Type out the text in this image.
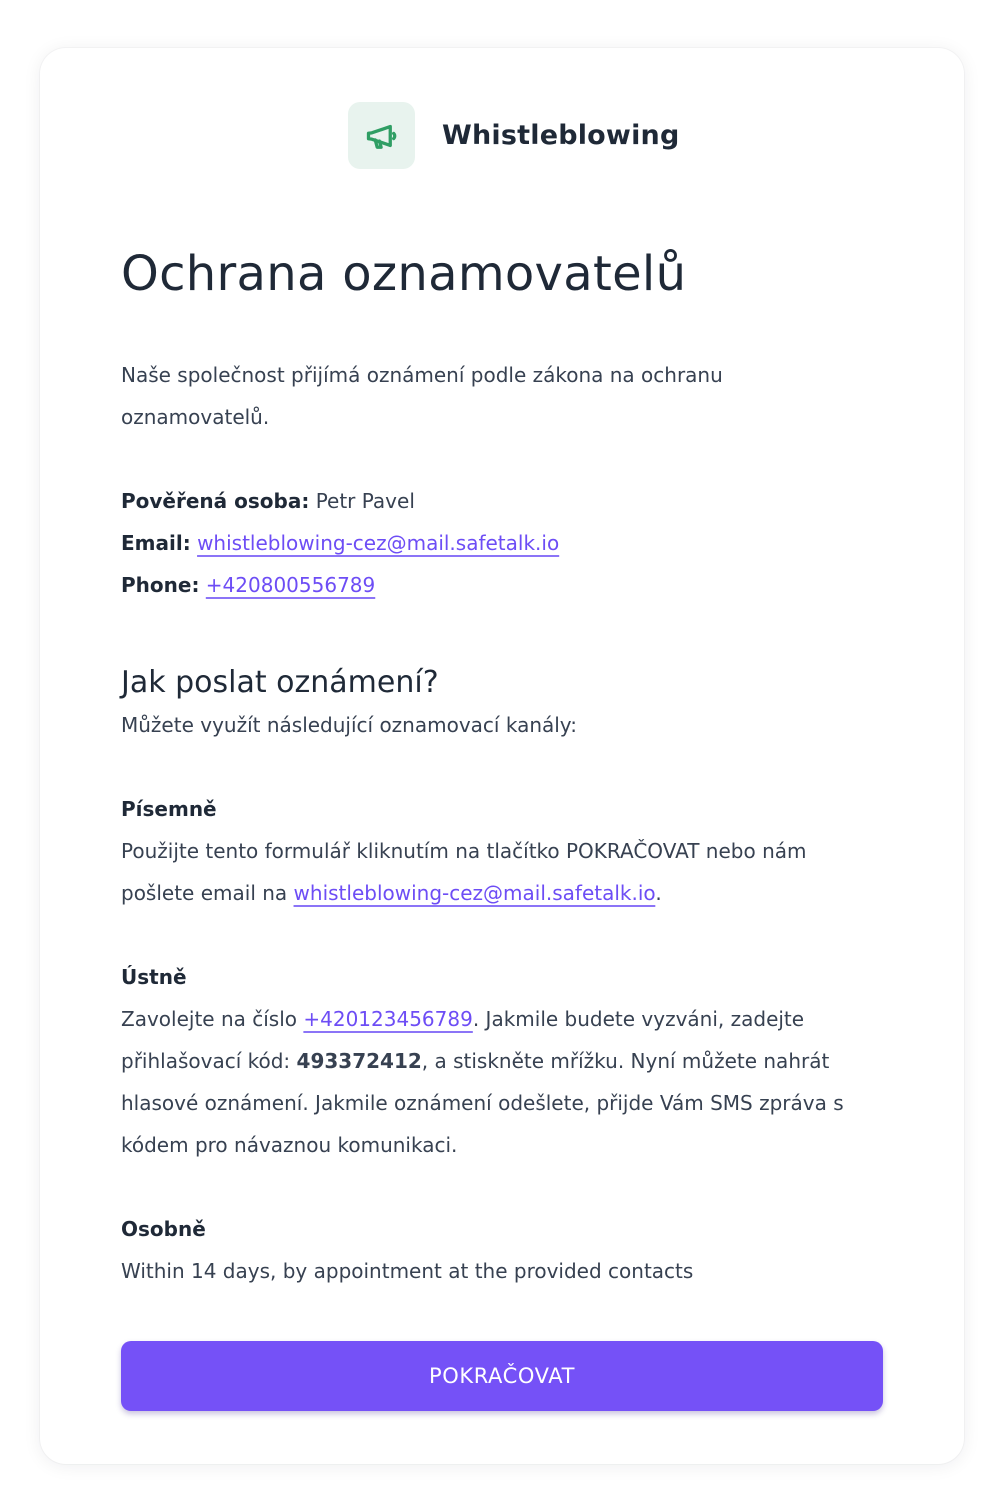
Whistleblowing
Ochrana oznamovatelů

Naše společnost přijímá oznámení podle zákona na ochranu oznamovatelů.

Pověřená osoba: Petr Pavel
Email: whistleblowing-cez@mail.safetalk.io
Phone: +420800556789
Jak poslat oznámení?

Můžete využít následující oznamovací kanály:

Písemně

Použijte tento formulář kliknutím na tlačítko POKRAČOVAT nebo nám pošlete email na whistleblowing-cez@mail.safetalk.io.

Ústně

Zavolejte na číslo +420123456789. Jakmile budete vyzváni, zadejte přihlašovací kód: 493372412, a stiskněte mřížku. Nyní můžete nahrát hlasové oznámení. Jakmile oznámení odešlete, přijde Vám SMS zpráva s kódem pro návaznou komunikaci.

Osobně

Within 14 days, by appointment at the provided contacts

POKRAČOVAT
